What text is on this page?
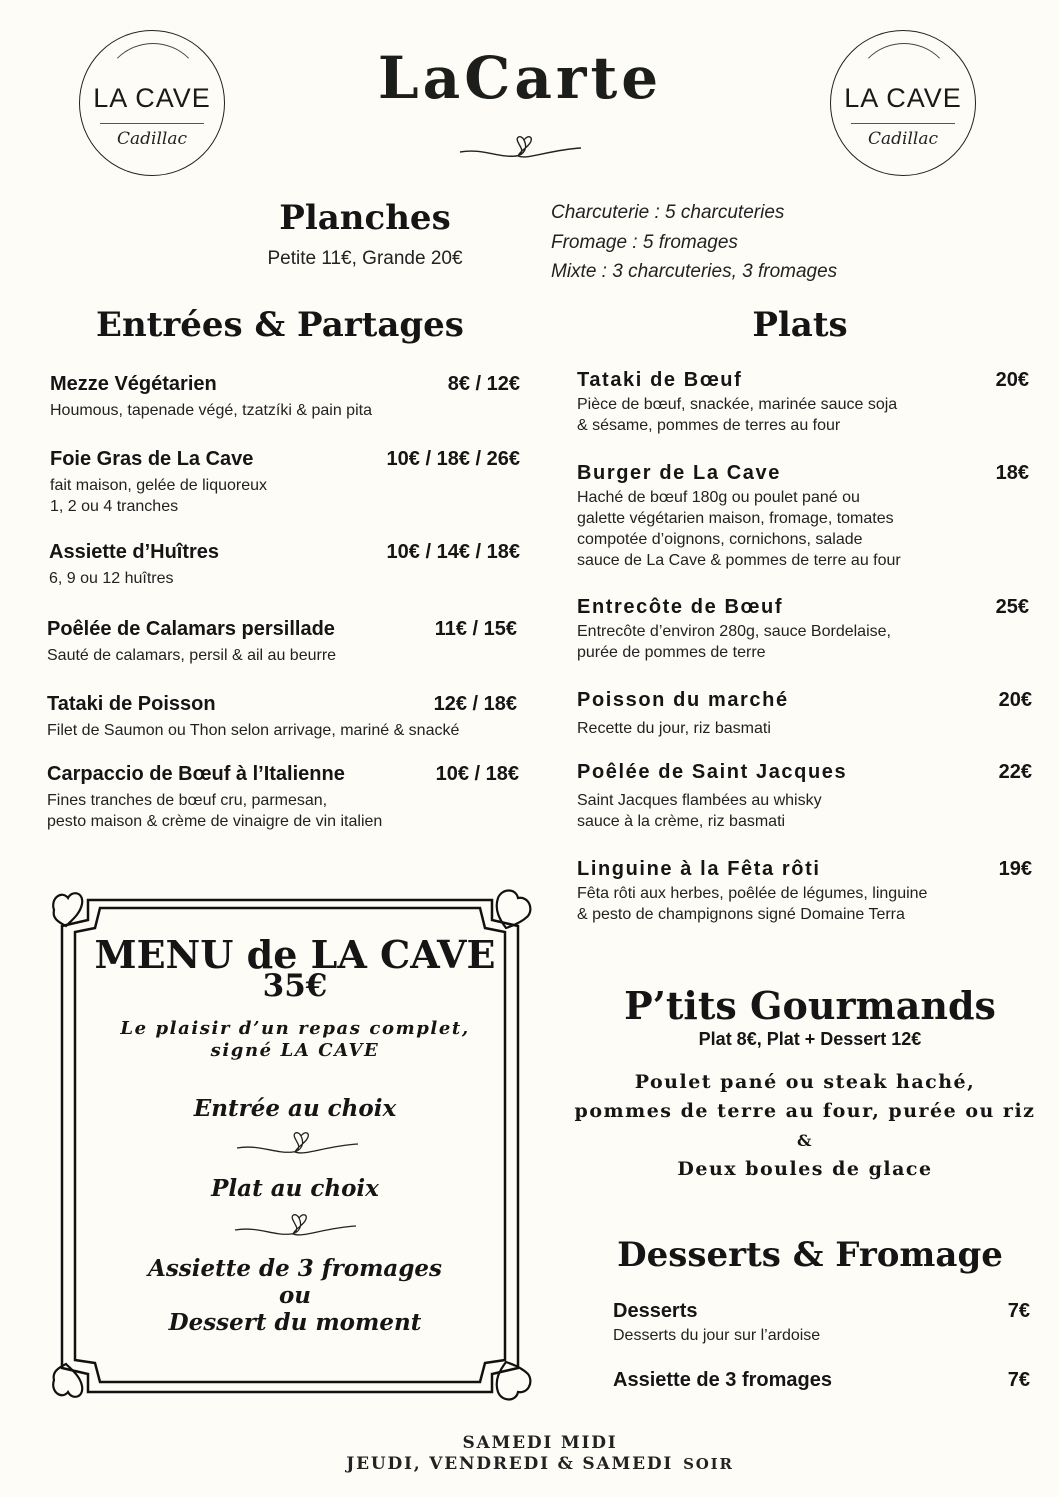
LA CAVE
Cadillac
LA CAVE
Cadillac
LaCarte
Planches
Petite 11€, Grande 20€
Charcuterie : 5 charcuteries
Fromage : 5 fromages
Mixte : 3 charcuteries, 3 fromages
Entrées & Partages	Plats
Mezze Végétarien	8€ / 12€
Houmous, tapenade végé, tzatzíki & pain pita
Foie Gras de La Cave	10€ / 18€ / 26€
fait maison, gelée de liquoreux
1, 2 ou 4 tranches
Assiette d’Huîtres	10€ / 14€ / 18€
6, 9 ou 12 huîtres
Poêlée de Calamars persillade	11€ / 15€
Sauté de calamars, persil & ail au beurre
Tataki de Poisson	12€ / 18€
Filet de Saumon ou Thon selon arrivage, mariné & snacké
Carpaccio de Bœuf à l’Italienne	10€ / 18€
Fines tranches de bœuf cru, parmesan,
pesto maison & crème de vinaigre de vin italien
Tataki de Bœuf	20€
Pièce de bœuf, snackée, marinée sauce soja
& sésame, pommes de terres au four
Burger de La Cave	18€
Haché de bœuf 180g ou poulet pané ou
galette végétarien maison, fromage, tomates
compotée d’oignons, cornichons, salade
sauce de La Cave & pommes de terre au four
Entrecôte de Bœuf	25€
Entrecôte d’environ 280g, sauce Bordelaise,
purée de pommes de terre
Poisson du marché	20€
Recette du jour, riz basmati
Poêlée de Saint Jacques	22€
Saint Jacques flambées au whisky
sauce à la crème, riz basmati
Linguine à la Fêta rôti	19€
Fêta rôti aux herbes, poêlée de légumes, linguine
& pesto de champignons signé Domaine Terra
MENU de LA CAVE
35€
Le plaisir d’un repas complet,
signé LA CAVE
Entrée au choix
Plat au choix
Assiette de 3 fromages
ou
Dessert du moment
P’tits Gourmands
Plat 8€, Plat + Dessert 12€
Poulet pané ou steak haché,
pommes de terre au four, purée ou riz
&
Deux boules de glace
Desserts & Fromage
Desserts	7€
Desserts du jour sur l’ardoise
Assiette de 3 fromages	7€
SAMEDI MIDI
JEUDI, VENDREDI & SAMEDI SOIR
